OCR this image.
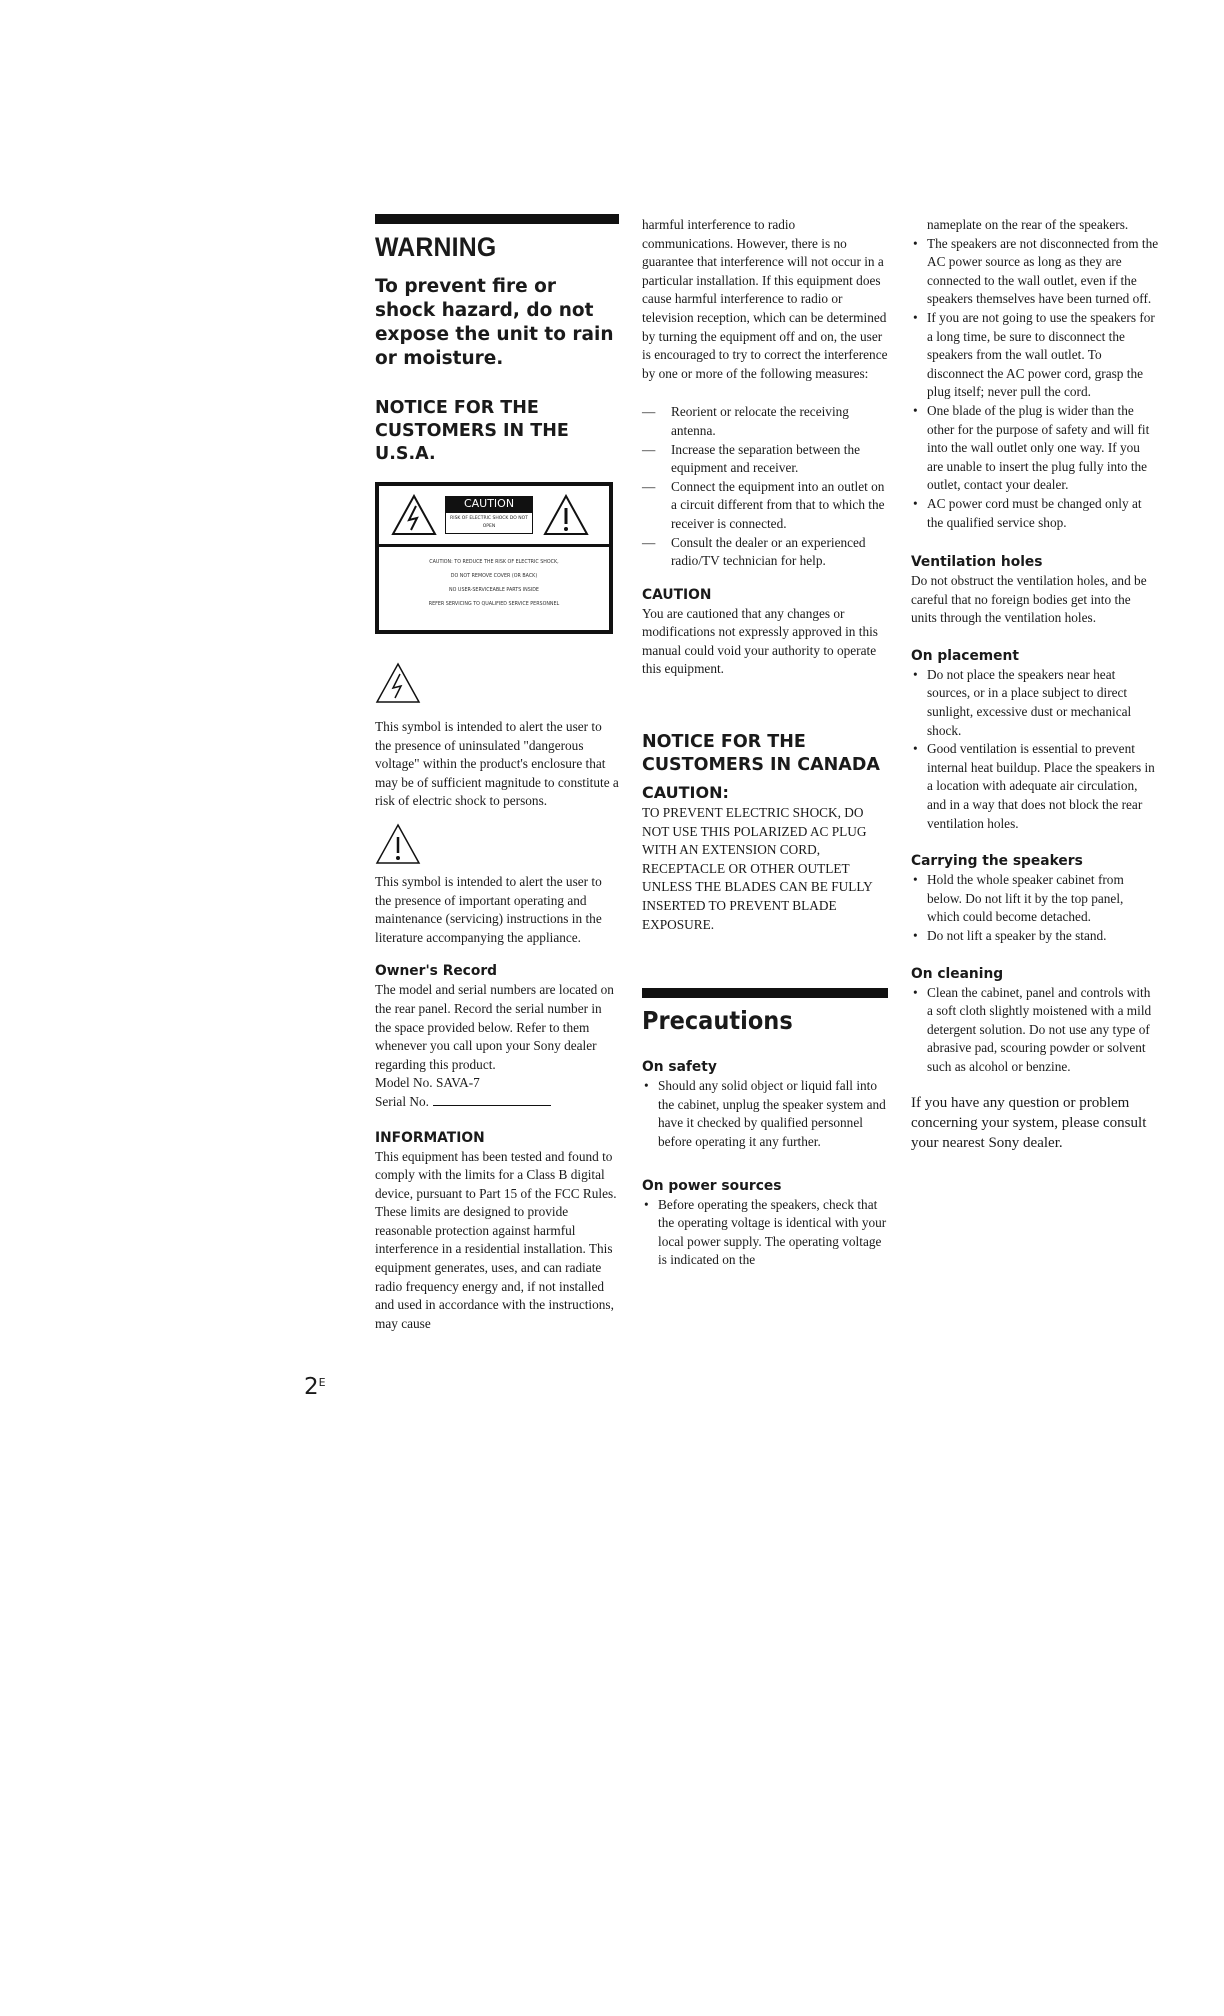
WARNING

To prevent fire or shock hazard, do not expose the unit to rain or moisture.

NOTICE FOR THE CUSTOMERS IN THE U.S.A.
CAUTION
RISK OF ELECTRIC SHOCK DO NOT OPEN
CAUTION: TO REDUCE THE RISK OF ELECTRIC SHOCK,
DO NOT REMOVE COVER (OR BACK)
NO USER-SERVICEABLE PARTS INSIDE
REFER SERVICING TO QUALIFIED SERVICE PERSONNEL

This symbol is intended to alert the user to the presence of uninsulated "dangerous voltage" within the product's enclosure that may be of sufficient magnitude to constitute a risk of electric shock to persons.

This symbol is intended to alert the user to the presence of important operating and maintenance (servicing) instructions in the literature accompanying the appliance.

Owner's Record

The model and serial numbers are located on the rear panel. Record the serial number in the space provided below. Refer to them whenever you call upon your Sony dealer regarding this product.

Model No. SAVA-7

Serial No.

INFORMATION

This equipment has been tested and found to comply with the limits for a Class B digital device, pursuant to Part 15 of the FCC Rules. These limits are designed to provide reasonable protection against harmful interference in a residential installation. This equipment generates, uses, and can radiate radio frequency energy and, if not installed and used in accordance with the instructions, may cause

harmful interference to radio communications. However, there is no guarantee that interference will not occur in a particular installation. If this equipment does cause harmful interference to radio or television reception, which can be determined by turning the equipment off and on, the user is encouraged to try to correct the interference by one or more of the following measures:

— Reorient or relocate the receiving antenna.
— Increase the separation between the equipment and receiver.
— Connect the equipment into an outlet on a circuit different from that to which the receiver is connected.
— Consult the dealer or an experienced radio/TV technician for help.
CAUTION

You are cautioned that any changes or modifications not expressly approved in this manual could void your authority to operate this equipment.

NOTICE FOR THE CUSTOMERS IN CANADA
CAUTION:

TO PREVENT ELECTRIC SHOCK, DO NOT USE THIS POLARIZED AC PLUG WITH AN EXTENSION CORD, RECEPTACLE OR OTHER OUTLET UNLESS THE BLADES CAN BE FULLY INSERTED TO PREVENT BLADE EXPOSURE.

Precautions
On safety
• Should any solid object or liquid fall into the cabinet, unplug the speaker system and have it checked by qualified personnel before operating it any further.
On power sources
• Before operating the speakers, check that the operating voltage is identical with your local power supply. The operating voltage is indicated on the

nameplate on the rear of the speakers.

• The speakers are not disconnected from the AC power source as long as they are connected to the wall outlet, even if the speakers themselves have been turned off.
• If you are not going to use the speakers for a long time, be sure to disconnect the speakers from the wall outlet. To disconnect the AC power cord, grasp the plug itself; never pull the cord.
• One blade of the plug is wider than the other for the purpose of safety and will fit into the wall outlet only one way. If you are unable to insert the plug fully into the outlet, contact your dealer.
• AC power cord must be changed only at the qualified service shop.
Ventilation holes

Do not obstruct the ventilation holes, and be careful that no foreign bodies get into the units through the ventilation holes.

On placement
• Do not place the speakers near heat sources, or in a place subject to direct sunlight, excessive dust or mechanical shock.
• Good ventilation is essential to prevent internal heat buildup. Place the speakers in a location with adequate air circulation, and in a way that does not block the rear ventilation holes.
Carrying the speakers
• Hold the whole speaker cabinet from below. Do not lift it by the top panel, which could become detached.
• Do not lift a speaker by the stand.
On cleaning
• Clean the cabinet, panel and controls with a soft cloth slightly moistened with a mild detergent solution. Do not use any type of abrasive pad, scouring powder or solvent such as alcohol or benzine.

If you have any question or problem concerning your system, please consult your nearest Sony dealer.

$2^E$
